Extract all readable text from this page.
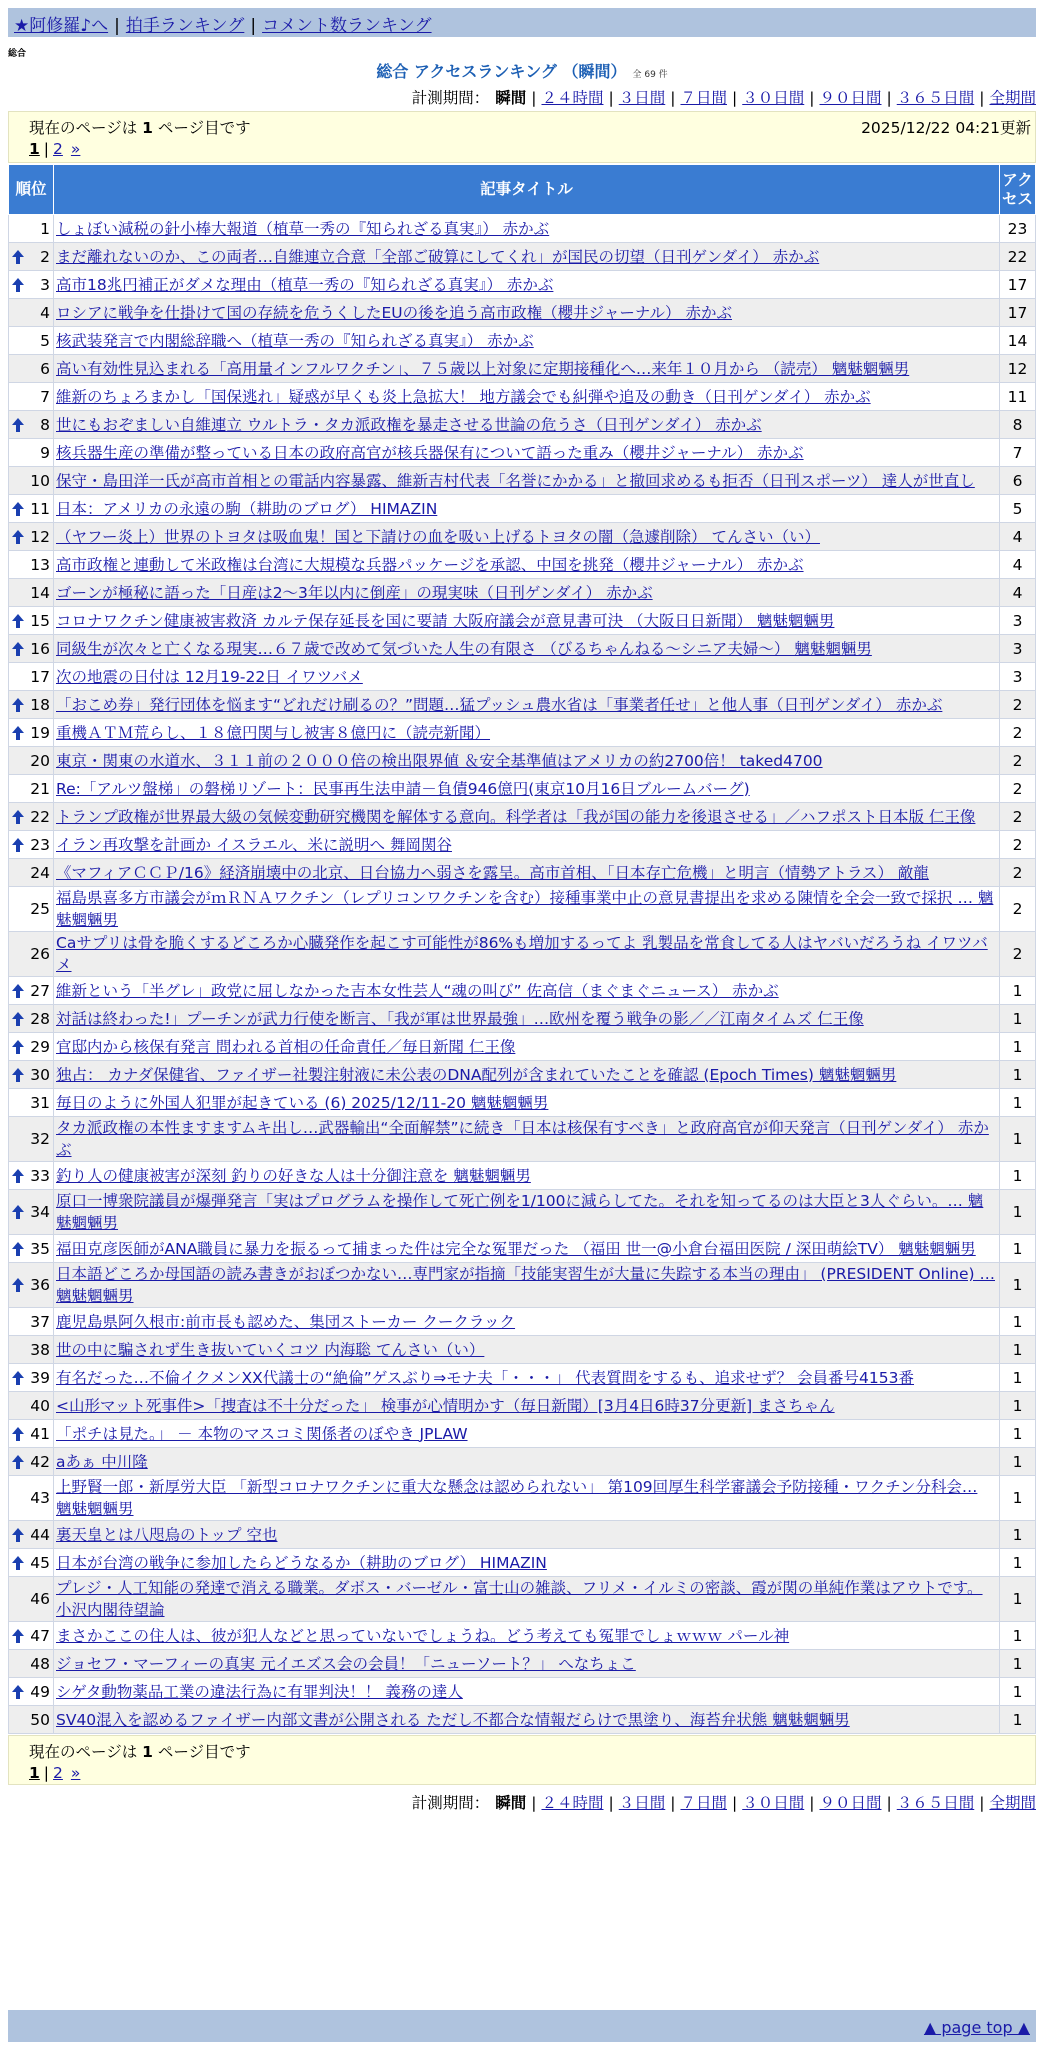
★阿修羅♪へ | 拍手ランキング | コメント数ランキング
総合
総合 アクセスランキング （瞬間） 全 69 件
計測期間： 瞬間 | ２４時間 | ３日間 | ７日間 | ３０日間 | ９０日間 | ３６５日間 | 全期間
現在のページは 1 ページ目です	2025/12/22 04:21更新
1 | 2 »
順位	記事タイトル	アク
セス
1	しょぼい減税の針小棒大報道（植草一秀の『知られざる真実』） 赤かぶ	23

2	まだ離れないのか、この両者…自維連立合意「全部ご破算にしてくれ」が国民の切望（日刊ゲンダイ） 赤かぶ	22

3	高市18兆円補正がダメな理由（植草一秀の『知られざる真実』） 赤かぶ	17
4	ロシアに戦争を仕掛けて国の存続を危うくしたEUの後を追う高市政権（櫻井ジャーナル） 赤かぶ	17
5	核武装発言で内閣総辞職へ（植草一秀の『知られざる真実』） 赤かぶ	14
6	高い有効性見込まれる「高用量インフルワクチン」、７５歳以上対象に定期接種化へ…来年１０月から （読売） 魑魅魍魎男	12
7	維新のちょろまかし「国保逃れ」疑惑が早くも炎上急拡大！ 地方議会でも糾弾や追及の動き（日刊ゲンダイ） 赤かぶ	11

8	世にもおぞましい自維連立 ウルトラ・タカ派政権を暴走させる世論の危うさ（日刊ゲンダイ） 赤かぶ	8
9	核兵器生産の準備が整っている日本の政府高官が核兵器保有について語った重み（櫻井ジャーナル） 赤かぶ	7
10	保守・島田洋一氏が高市首相との電話内容暴露、維新吉村代表「名誉にかかる」と撤回求めるも拒否（日刊スポーツ） 達人が世直し	6

11	日本：アメリカの永遠の駒（耕助のブログ） HIMAZIN	5

12	（ヤフー炎上）世界のトヨタは吸血鬼！国と下請けの血を吸い上げるトヨタの闇（急遽削除） てんさい（い）	4
13	高市政権と連動して米政権は台湾に大規模な兵器パッケージを承認、中国を挑発（櫻井ジャーナル） 赤かぶ	4
14	ゴーンが極秘に語った「日産は2～3年以内に倒産」の現実味（日刊ゲンダイ） 赤かぶ	4

15	コロナワクチン健康被害救済 カルテ保存延長を国に要請 大阪府議会が意見書可決 （大阪日日新聞） 魑魅魍魎男	3

16	同級生が次々と亡くなる現実…６７歳で改めて気づいた人生の有限さ （びるちゃんねる～シニア夫婦～） 魑魅魍魎男	3
17	次の地震の日付は 12月19-22日 イワツバメ	3

18	「おこめ券」発行団体を悩ます“どれだけ刷るの？”問題…猛プッシュ農水省は「事業者任せ」と他人事（日刊ゲンダイ） 赤かぶ	2

19	重機ＡＴＭ荒らし、１８億円関与し被害８億円に（読売新聞）	2
20	東京・関東の水道水、３１１前の２０００倍の検出限界値 ＆安全基準値はアメリカの約2700倍！ taked4700	2
21	Re:「アルツ盤梯」の磐梯リゾート：民事再生法申請－負債946億円(東京10月16日ブルームバーグ)	2

22	トランプ政権が世界最大級の気候変動研究機関を解体する意向。科学者は「我が国の能力を後退させる」／ハフポスト日本版 仁王像	2

23	イラン再攻撃を計画か イスラエル、米に説明へ 舞岡関谷	2
24	《マフィアＣＣＰ/16》経済崩壊中の北京、日台協力へ弱さを露呈。高市首相、「日本存亡危機」と明言（情勢アトラス） 敵龍	2
25	福島県喜多方市議会がｍＲＮＡワクチン（レプリコンワクチンを含む）接種事業中止の意見書提出を求める陳情を全会一致で採択 … 魑魅魍魎男	2
26	Caサプリは骨を脆くするどころか心臓発作を起こす可能性が86%も増加するってよ 乳製品を常食してる人はヤバいだろうね イワツバメ	2

27	維新という「半グレ」政党に屈しなかった吉本女性芸人“魂の叫び” 佐高信（まぐまぐニュース） 赤かぶ	1

28	対話は終わった!」プーチンが武力行使を断言、「我が軍は世界最強」…欧州を覆う戦争の影／／江南タイムズ 仁王像	1

29	官邸内から核保有発言 問われる首相の任命責任／毎日新聞 仁王像	1

30	独占： カナダ保健省、ファイザー社製注射液に未公表のDNA配列が含まれていたことを確認 (Epoch Times) 魑魅魍魎男	1
31	毎日のように外国人犯罪が起きている (6) 2025/12/11-20 魑魅魍魎男	1
32	タカ派政権の本性ますますムキ出し…武器輸出“全面解禁”に続き「日本は核保有すべき」と政府高官が仰天発言（日刊ゲンダイ） 赤かぶ	1

33	釣り人の健康被害が深刻 釣りの好きな人は十分御注意を 魑魅魍魎男	1

34	原口一博衆院議員が爆弾発言「実はプログラムを操作して死亡例を1/100に減らしてた。それを知ってるのは大臣と3人ぐらい。… 魑魅魍魎男	1

35	福田克彦医師がANA職員に暴力を振るって捕まった件は完全な冤罪だった （福田 世一@小倉台福田医院 / 深田萌絵TV） 魑魅魍魎男	1

36	日本語どころか母国語の読み書きがおぼつかない…専門家が指摘「技能実習生が大量に失踪する本当の理由」 (PRESIDENT Online) … 魑魅魍魎男	1
37	鹿児島県阿久根市:前市長も認めた、集団ストーカー クークラック	1
38	世の中に騙されず生き抜いていくコツ 内海聡 てんさい（い）	1

39	有名だった…不倫イクメンXX代議士の“絶倫”ゲスぶり⇒モナ夫「・・・」 代表質問をするも、追求せず？ 会員番号4153番	1
40	<山形マット死事件>「捜査は不十分だった」 検事が心情明かす（毎日新聞）[3月4日6時37分更新] まさちゃん	1

41	「ポチは見た。」 － 本物のマスコミ関係者のぼやき JPLAW	1

42	aあぁ 中川隆	1
43	上野賢一郎・新厚労大臣 「新型コロナワクチンに重大な懸念は認められない」 第109回厚生科学審議会予防接種・ワクチン分科会… 魑魅魍魎男	1

44	裏天皇とは八咫烏のトップ 空也	1

45	日本が台湾の戦争に参加したらどうなるか（耕助のブログ） HIMAZIN	1
46	プレジ・人工知能の発達で消える職業。ダボス・バーゼル・富士山の雑談、フリメ・イルミの密談、霞が関の単純作業はアウトです。 小沢内閣待望論	1

47	まさかここの住人は、彼が犯人などと思っていないでしょうね。どう考えても冤罪でしょｗｗｗ パール神	1
48	ジョセフ・マーフィーの真実 元イエズス会の会員！「ニューソート？」 へなちょこ	1

49	シゲタ動物薬品工業の違法行為に有罪判決！！ 義務の達人	1
50	SV40混入を認めるファイザー内部文書が公開される ただし不都合な情報だらけで黒塗り、海苔弁状態 魑魅魍魎男	1
現在のページは 1 ページ目です
1 | 2 »
計測期間： 瞬間 | ２４時間 | ３日間 | ７日間 | ３０日間 | ９０日間 | ３６５日間 | 全期間
▲ page top ▲
